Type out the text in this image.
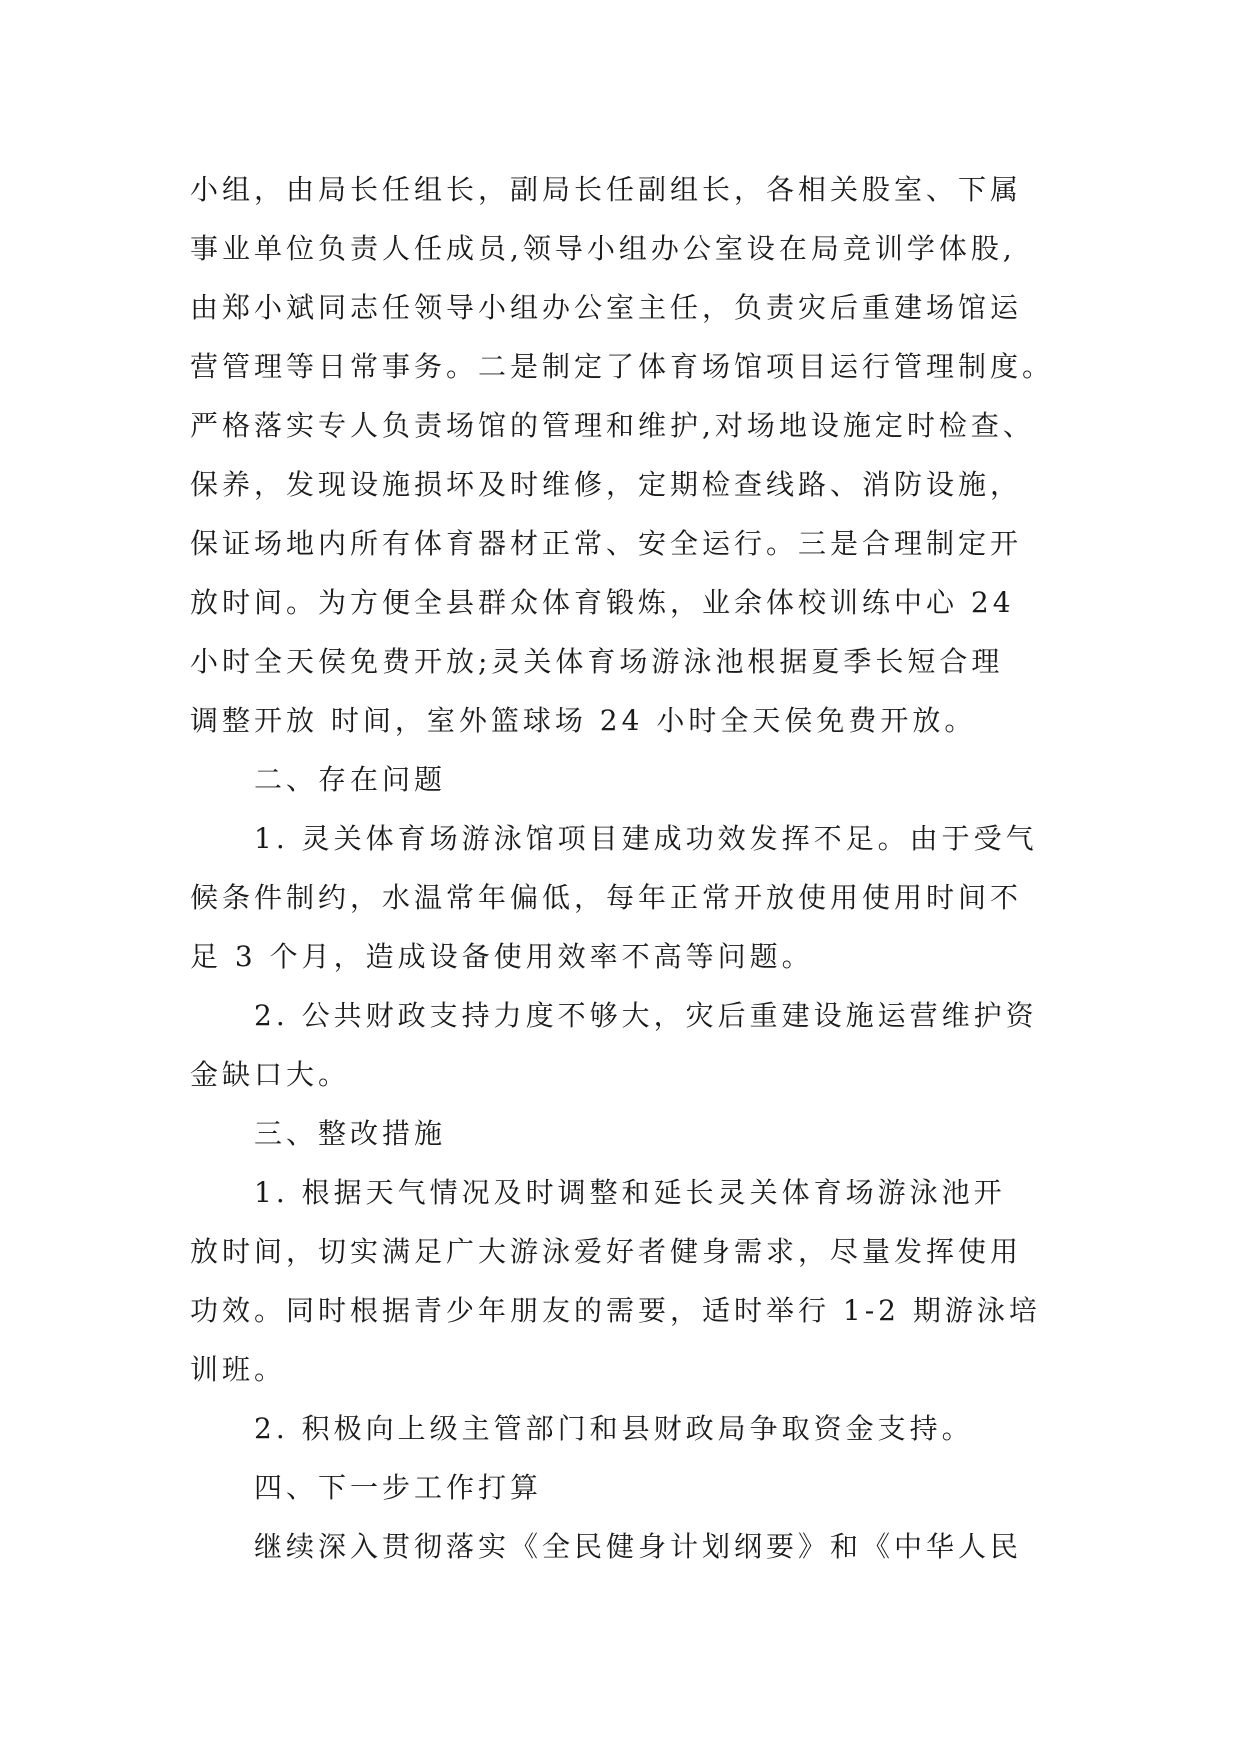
小组，由局长任组长，副局长任副组长，各相关股室、下属
事业单位负责人任成员,领导小组办公室设在局竞训学体股,
由郑小斌同志任领导小组办公室主任，负责灾后重建场馆运
营管理等日常事务。二是制定了体育场馆项目运行管理制度。
严格落实专人负责场馆的管理和维护,对场地设施定时检查、
保养，发现设施损坏及时维修，定期检查线路、消防设施，
保证场地内所有体育器材正常、安全运行。三是合理制定开
放时间。为方便全县群众体育锻炼，业余体校训练中心 24
小时全天侯免费开放;灵关体育场游泳池根据夏季长短合理
调整开放 时间，室外篮球场 24 小时全天侯免费开放。
二、存在问题
1. 灵关体育场游泳馆项目建成功效发挥不足。由于受气
候条件制约，水温常年偏低，每年正常开放使用使用时间不
足 3 个月，造成设备使用效率不高等问题。
2. 公共财政支持力度不够大，灾后重建设施运营维护资
金缺口大。
三、整改措施
1. 根据天气情况及时调整和延长灵关体育场游泳池开
放时间，切实满足广大游泳爱好者健身需求，尽量发挥使用
功效。同时根据青少年朋友的需要，适时举行 1-2 期游泳培
训班。
2. 积极向上级主管部门和县财政局争取资金支持。
四、下一步工作打算
继续深入贯彻落实《全民健身计划纲要》和《中华人民
